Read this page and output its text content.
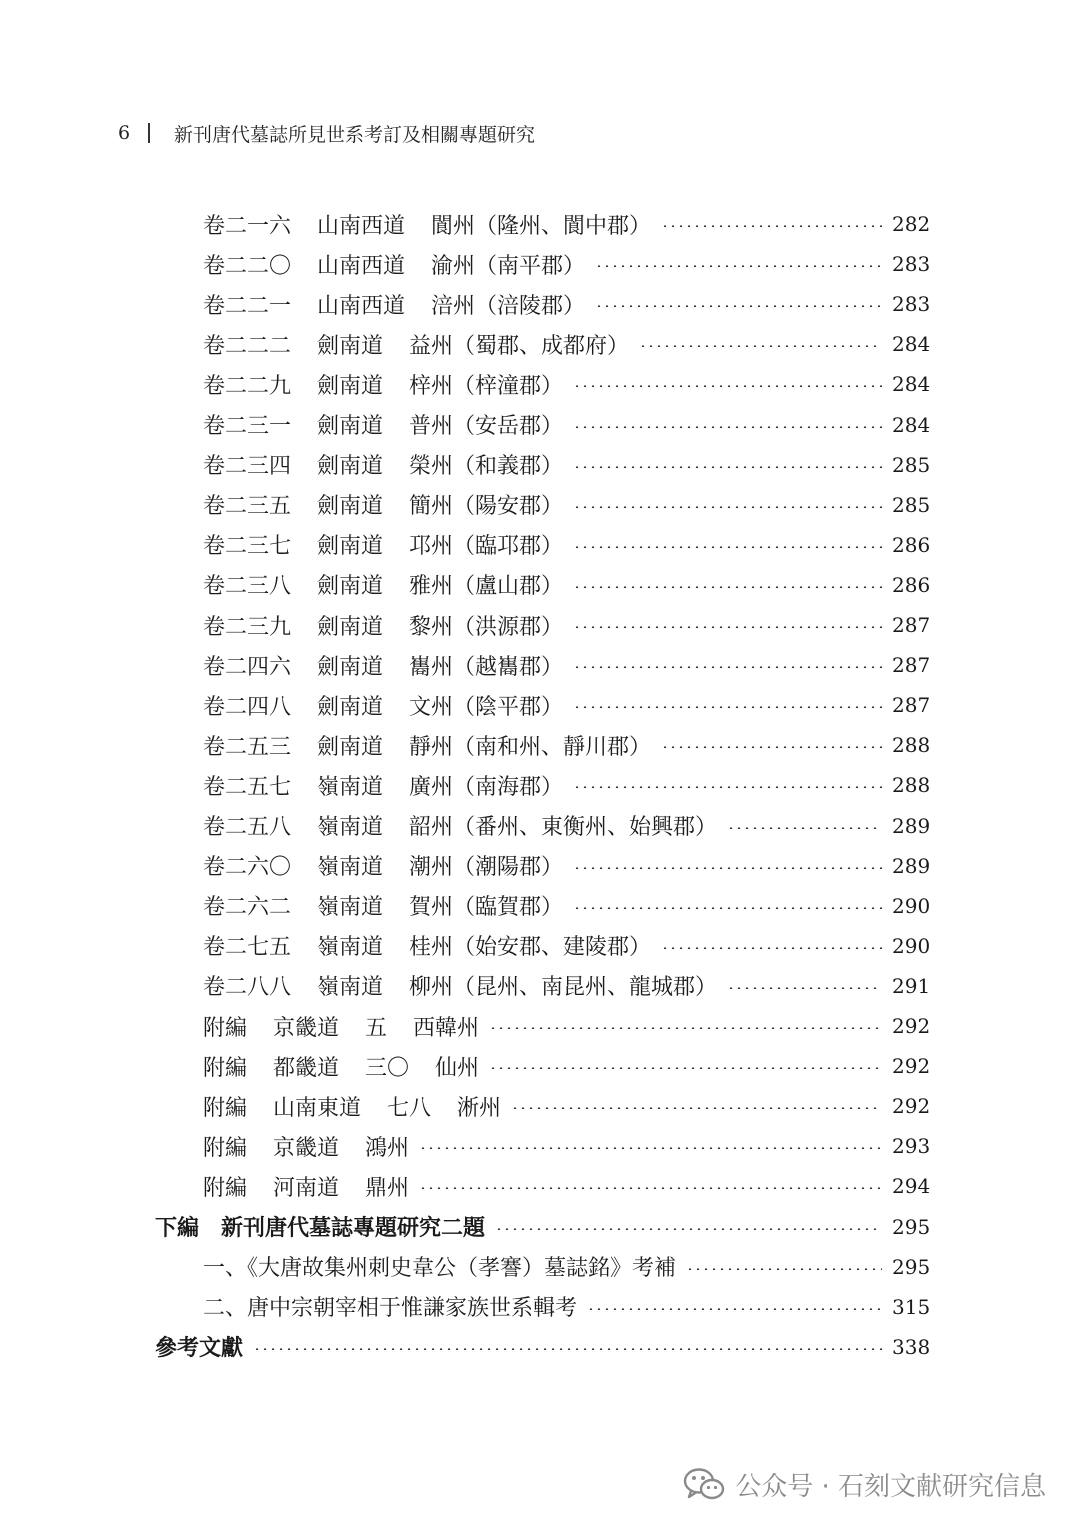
6	新刊唐代墓誌所見世系考訂及相關專題研究
卷二一六 山南西道 閬州（隆州、閬中郡）	282
卷二二〇 山南西道 渝州（南平郡）	283
卷二二一 山南西道 涪州（涪陵郡）	283
卷二二二 劍南道 益州（蜀郡、成都府）	284
卷二二九 劍南道 梓州（梓潼郡）	284
卷二三一 劍南道 普州（安岳郡）	284
卷二三四 劍南道 榮州（和義郡）	285
卷二三五 劍南道 簡州（陽安郡）	285
卷二三七 劍南道 邛州（臨邛郡）	286
卷二三八 劍南道 雅州（盧山郡）	286
卷二三九 劍南道 黎州（洪源郡）	287
卷二四六 劍南道 巂州（越巂郡）	287
卷二四八 劍南道 文州（陰平郡）	287
卷二五三 劍南道 靜州（南和州、靜川郡）	288
卷二五七 嶺南道 廣州（南海郡）	288
卷二五八 嶺南道 韶州（番州、東衡州、始興郡）	289
卷二六〇 嶺南道 潮州（潮陽郡）	289
卷二六二 嶺南道 賀州（臨賀郡）	290
卷二七五 嶺南道 桂州（始安郡、建陵郡）	290
卷二八八 嶺南道 柳州（昆州、南昆州、龍城郡）	291
附編 京畿道 五 西韓州	292
附編 都畿道 三〇 仙州	292
附編 山南東道 七八 淅州	292
附編 京畿道 鴻州	293
附編 河南道 鼎州	294
下編 新刊唐代墓誌專題研究二題	295
一、《大唐故集州刺史韋公（孝謇）墓誌銘》考補	295
二、唐中宗朝宰相于惟謙家族世系輯考	315
參考文獻	338
公众号 · 石刻文献研究信息
